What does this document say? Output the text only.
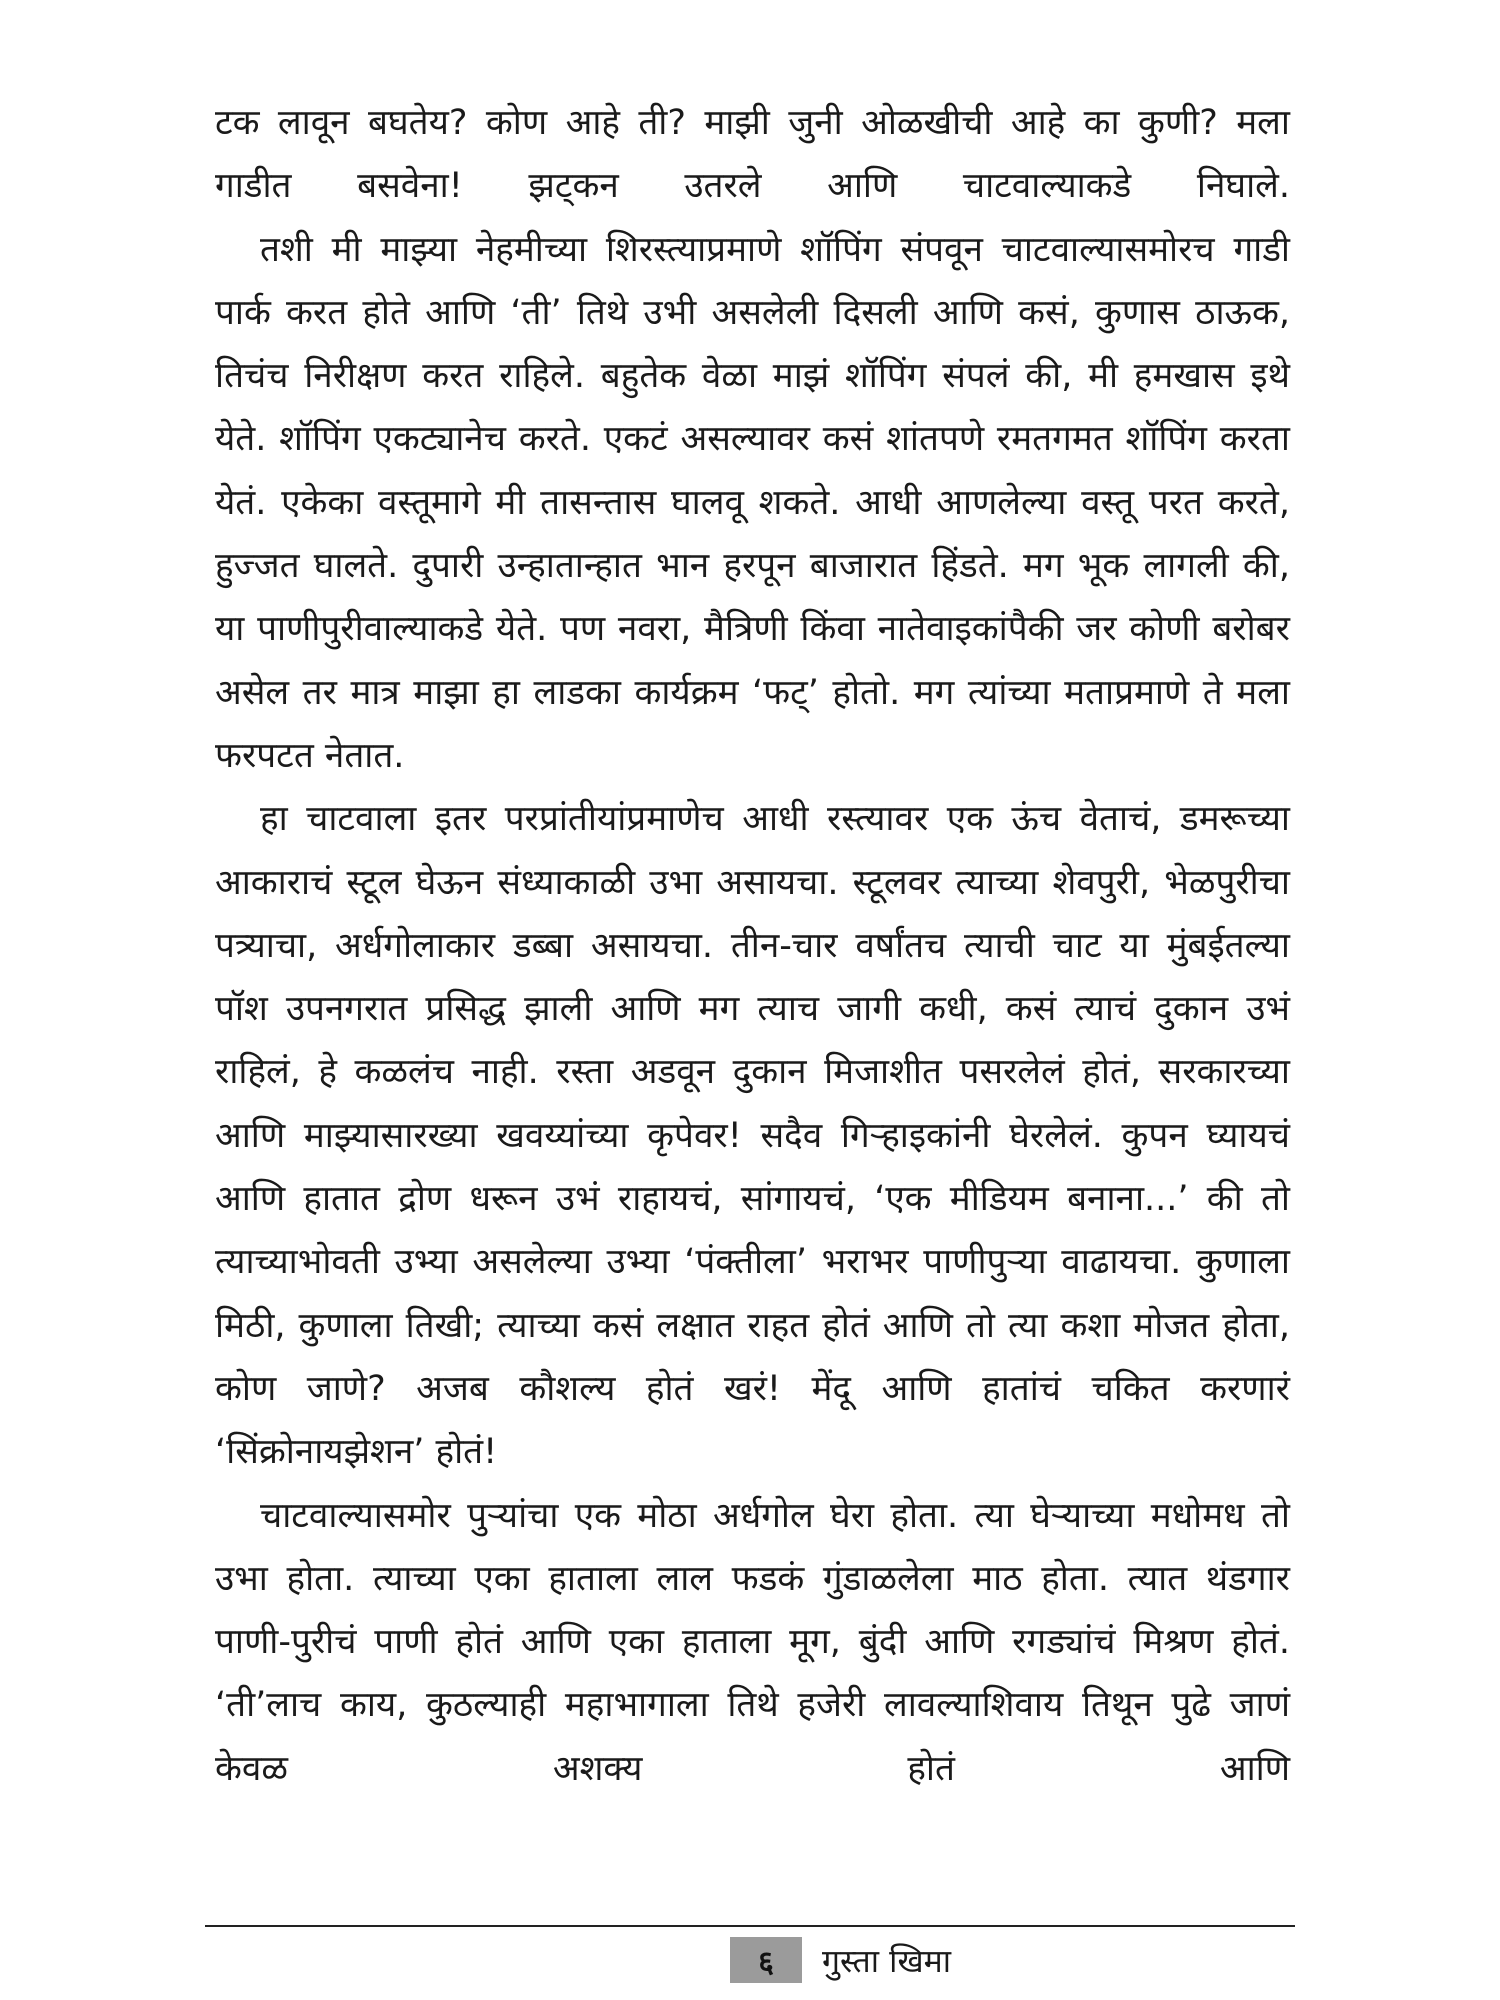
टक लावून बघतेय? कोण आहे ती? माझी जुनी ओळखीची आहे का कुणी? मला गाडीत बसवेना! झट्कन उतरले आणि चाटवाल्याकडे निघाले.

तशी मी माझ्या नेहमीच्या शिरस्त्याप्रमाणे शॉपिंग संपवून चाटवाल्यासमोरच गाडी पार्क करत होते आणि ‘ती’ तिथे उभी असलेली दिसली आणि कसं, कुणास ठाऊक, तिचंच निरीक्षण करत राहिले. बहुतेक वेळा माझं शॉपिंग संपलं की, मी हमखास इथे येते. शॉपिंग एकट्यानेच करते. एकटं असल्यावर कसं शांतपणे रमतगमत शॉपिंग करता येतं. एकेका वस्तूमागे मी तासन्तास घालवू शकते. आधी आणलेल्या वस्तू परत करते, हुज्जत घालते. दुपारी उन्हातान्हात भान हरपून बाजारात हिंडते. मग भूक लागली की, या पाणीपुरीवाल्याकडे येते. पण नवरा, मैत्रिणी किंवा नातेवाइकांपैकी जर कोणी बरोबर असेल तर मात्र माझा हा लाडका कार्यक्रम ‘फट्’ होतो. मग त्यांच्या मताप्रमाणे ते मला फरपटत नेतात.

हा चाटवाला इतर परप्रांतीयांप्रमाणेच आधी रस्त्यावर एक ऊंच वेताचं, डमरूच्या आकाराचं स्टूल घेऊन संध्याकाळी उभा असायचा. स्टूलवर त्याच्या शेवपुरी, भेळपुरीचा पत्र्याचा, अर्धगोलाकार डब्बा असायचा. तीन-चार वर्षांतच त्याची चाट या मुंबईतल्या पॉश उपनगरात प्रसिद्ध झाली आणि मग त्याच जागी कधी, कसं त्याचं दुकान उभं राहिलं, हे कळलंच नाही. रस्ता अडवून दुकान मिजाशीत पसरलेलं होतं, सरकारच्या आणि माझ्यासारख्या खवय्यांच्या कृपेवर! सदैव गिऱ्हाइकांनी घेरलेलं. कुपन घ्यायचं आणि हातात द्रोण धरून उभं राहायचं, सांगायचं, ‘एक मीडियम बनाना...’ की तो त्याच्याभोवती उभ्या असलेल्या उभ्या ‘पंक्तीला’ भराभर पाणीपुऱ्या वाढायचा. कुणाला मिठी, कुणाला तिखी; त्याच्या कसं लक्षात राहत होतं आणि तो त्या कशा मोजत होता, कोण जाणे? अजब कौशल्य होतं खरं! मेंदू आणि हातांचं चकित करणारं ‘सिंक्रोनायझेशन’ होतं!

चाटवाल्यासमोर पुऱ्यांचा एक मोठा अर्धगोल घेरा होता. त्या घेऱ्याच्या मधोमध तो उभा होता. त्याच्या एका हाताला लाल फडकं गुंडाळलेला माठ होता. त्यात थंडगार पाणी-पुरीचं पाणी होतं आणि एका हाताला मूग, बुंदी आणि रगड्यांचं मिश्रण होतं. ‘ती’लाच काय, कुठल्याही महाभागाला तिथे हजेरी लावल्याशिवाय तिथून पुढे जाणं केवळ अशक्य होतं आणि

६	गुस्ता खिमा
